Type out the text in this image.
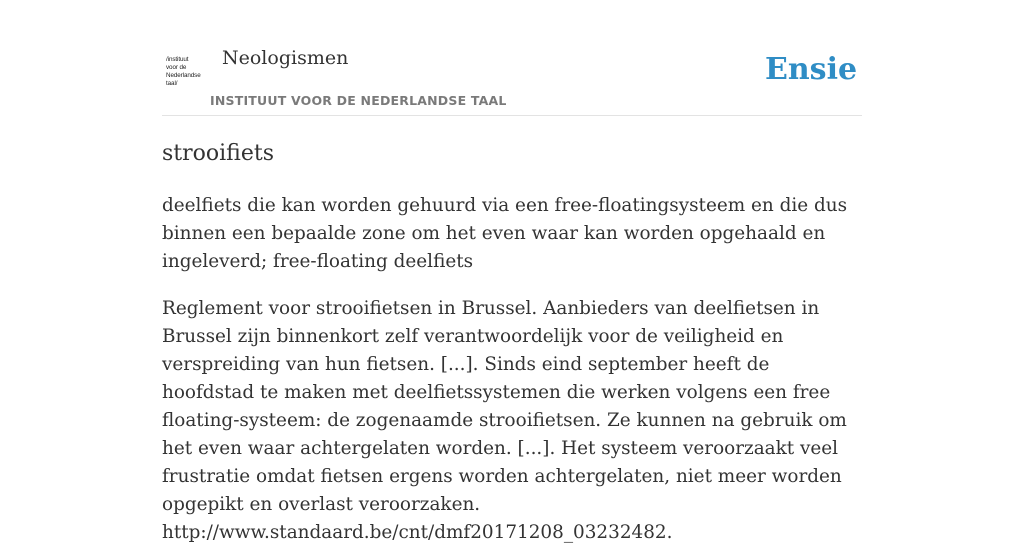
/instituut
voor de
Nederlandse
taal/
Neologismen
INSTITUUT VOOR DE NEDERLANDSE TAAL
Ensie
strooifiets

deelfiets die kan worden gehuurd via een free-floatingsysteem en die dus binnen een bepaalde zone om het even waar kan worden opgehaald en ingeleverd; free-floating deelfiets

Reglement voor strooifietsen in Brussel. Aanbieders van deelfietsen in Brussel zijn binnenkort zelf verantwoordelijk voor de veiligheid en verspreiding van hun fietsen. [...]. Sinds eind september heeft de hoofdstad te maken met deelfietssystemen die werken volgens een free floating-systeem: de zogenaamde strooifietsen. Ze kunnen na gebruik om het even waar achtergelaten worden. [...]. Het systeem veroorzaakt veel frustratie omdat fietsen ergens worden achtergelaten, niet meer worden opgepikt en overlast veroorzaken. http://www.standaard.be/cnt/dmf20171208_03232482.
